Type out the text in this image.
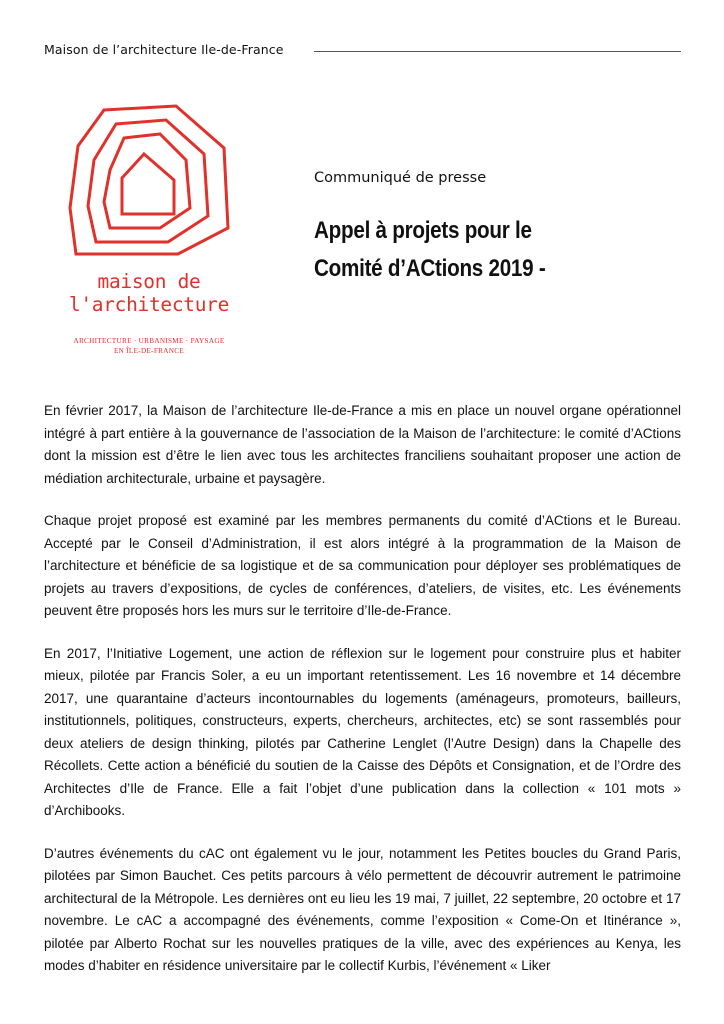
Maison de l’architecture Ile-de-France
maison de
l'architecture
ARCHITECTURE · URBANISME · PAYSAGE
EN ÎLE-DE-FRANCE
Communiqué de presse
Appel à projets pour le
Comité d’ACtions 2019 -

En février 2017, la Maison de l’architecture Ile-de-France a mis en place un nouvel organe opérationnel intégré à part entière à la gouvernance de l’association de la Maison de l’architecture: le comité d’ACtions dont la mission est d’être le lien avec tous les architectes franciliens souhaitant proposer une action de médiation architecturale, urbaine et paysagère.

Chaque projet proposé est examiné par les membres permanents du comité d’ACtions et le Bureau. Accepté par le Conseil d’Administration, il est alors intégré à la programmation de la Maison de l’architecture et bénéficie de sa logistique et de sa communication pour déployer ses problématiques de projets au travers d’expositions, de cycles de conférences, d’ateliers, de visites, etc. Les événements peuvent être proposés hors les murs sur le territoire d’Ile-de-France.

En 2017, l’Initiative Logement, une action de réflexion sur le logement pour construire plus et habiter mieux, pilotée par Francis Soler, a eu un important retentissement. Les 16 novembre et 14 décembre 2017, une quarantaine d’acteurs incontournables du logements (aménageurs, promoteurs, bailleurs, institutionnels, politiques, constructeurs, experts, chercheurs, architectes, etc) se sont rassemblés pour deux ateliers de design thinking, pilotés par Catherine Lenglet (l’Autre Design) dans la Chapelle des Récollets. Cette action a bénéficié du soutien de la Caisse des Dépôts et Consignation, et de l’Ordre des Architectes d’Ile de France. Elle a fait l’objet d’une publication dans la collection « 101 mots » d’Archibooks.

D’autres événements du cAC ont également vu le jour, notamment les Petites boucles du Grand Paris, pilotées par Simon Bauchet. Ces petits parcours à vélo permettent de découvrir autrement le patrimoine architectural de la Métropole. Les dernières ont eu lieu les 19 mai, 7 juillet, 22 septembre, 20 octobre et 17 novembre. Le cAC a accompagné des événements, comme l’exposition « Come-On et Itinérance », pilotée par Alberto Rochat sur les nouvelles pratiques de la ville, avec des expériences au Kenya, les modes d’habiter en résidence universitaire par le collectif Kurbis, l’événement « Liker
